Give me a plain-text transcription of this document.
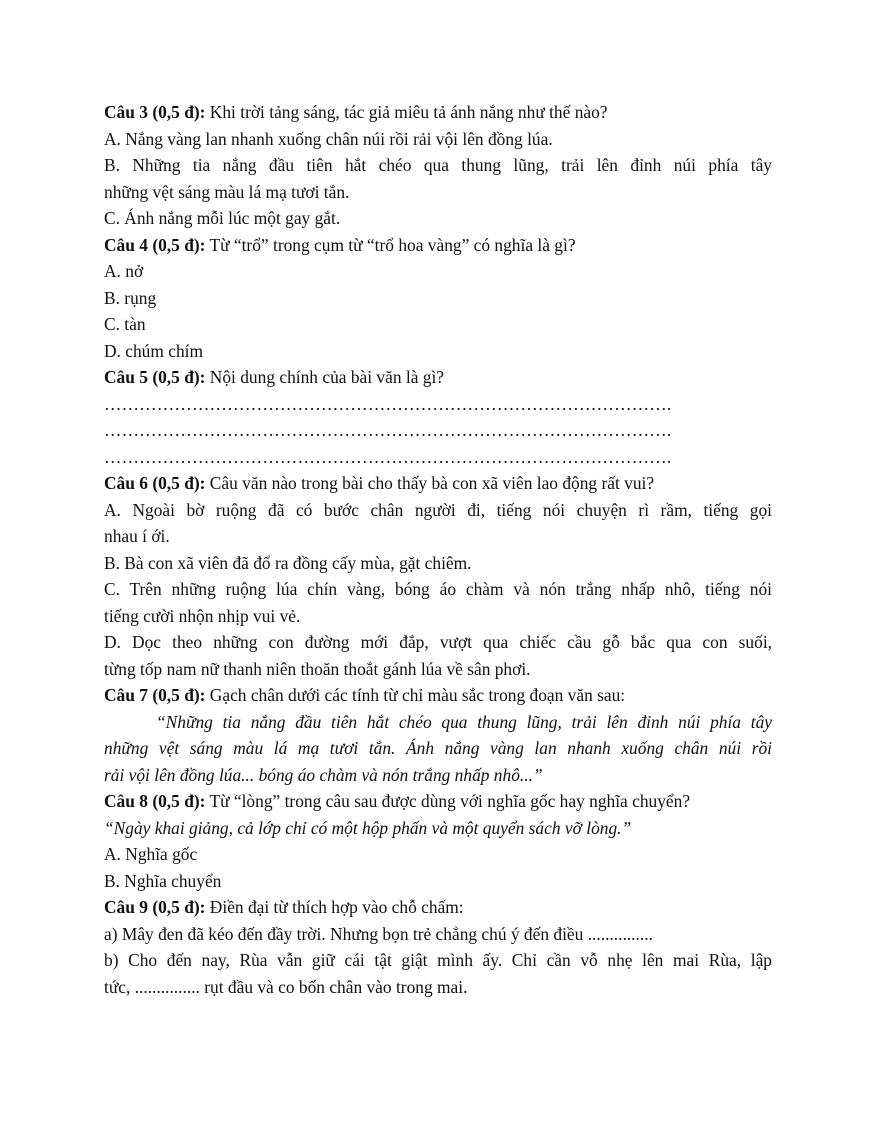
Câu 3 (0,5 đ): Khi trời tảng sáng, tác giả miêu tả ánh nắng như thế nào?
A. Nắng vàng lan nhanh xuống chân núi rồi rải vội lên đồng lúa.
B. Những tia nắng đầu tiên hắt chéo qua thung lũng, trải lên đỉnh núi phía tây
những vệt sáng màu lá mạ tươi tắn.
C. Ánh nắng mỗi lúc một gay gắt.
Câu 4 (0,5 đ): Từ “trổ” trong cụm từ “trổ hoa vàng” có nghĩa là gì?
A. nở
B. rụng
C. tàn
D. chúm chím
Câu 5 (0,5 đ): Nội dung chính của bài văn là gì?
…………………………………………………………………………………….
…………………………………………………………………………………….
…………………………………………………………………………………….
Câu 6 (0,5 đ): Câu văn nào trong bài cho thấy bà con xã viên lao động rất vui?
A. Ngoài bờ ruộng đã có bước chân người đi, tiếng nói chuyện rì rầm, tiếng gọi
nhau í ới.
B. Bà con xã viên đã đổ ra đồng cấy mùa, gặt chiêm.
C. Trên những ruộng lúa chín vàng, bóng áo chàm và nón trắng nhấp nhô, tiếng nói
tiếng cười nhộn nhịp vui vẻ.
D. Dọc theo những con đường mới đắp, vượt qua chiếc cầu gỗ bắc qua con suối,
từng tốp nam nữ thanh niên thoăn thoắt gánh lúa về sân phơi.
Câu 7 (0,5 đ): Gạch chân dưới các tính từ chỉ màu sắc trong đoạn văn sau:
“Những tia nắng đầu tiên hắt chéo qua thung lũng, trải lên đỉnh núi phía tây
những vệt sáng màu lá mạ tươi tắn. Ánh nắng vàng lan nhanh xuống chân núi rồi
rải vội lên đồng lúa... bóng áo chàm và nón trắng nhấp nhô...”
Câu 8 (0,5 đ): Từ “lòng” trong câu sau được dùng với nghĩa gốc hay nghĩa chuyển?
“Ngày khai giảng, cả lớp chỉ có một hộp phấn và một quyển sách vỡ lòng.”
A. Nghĩa gốc
B. Nghĩa chuyển
Câu 9 (0,5 đ): Điền đại từ thích hợp vào chỗ chấm:
a) Mây đen đã kéo đến đầy trời. Nhưng bọn trẻ chẳng chú ý đến điều ...............
b) Cho đến nay, Rùa vẫn giữ cái tật giật mình ấy. Chỉ cần vỗ nhẹ lên mai Rùa, lập
tức, ............... rụt đầu và co bốn chân vào trong mai.
